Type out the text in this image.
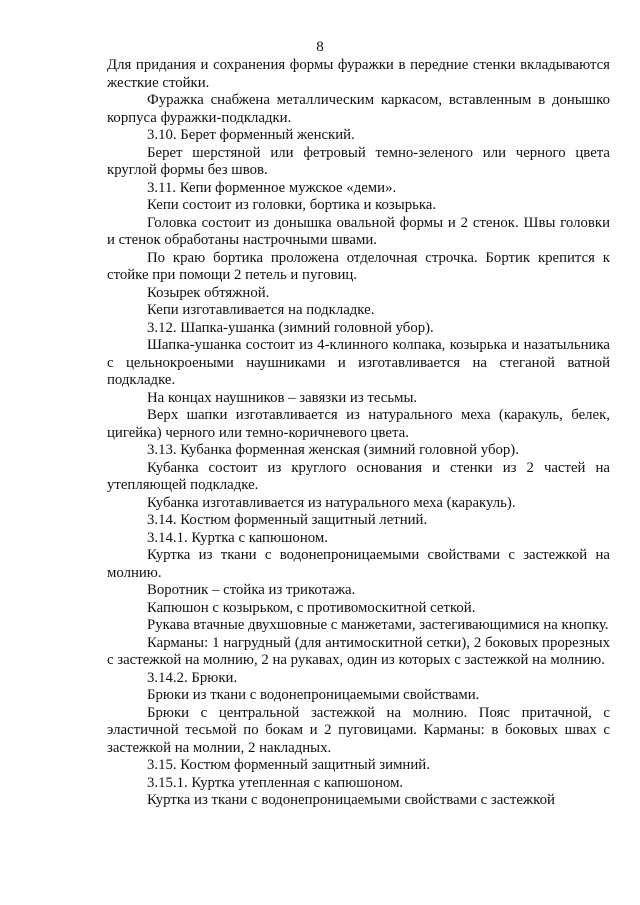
8

Для придания и сохранения формы фуражки в передние стенки вкладываются жесткие стойки.

Фуражка снабжена металлическим каркасом, вставленным в донышко корпуса фуражки-подкладки.

3.10. Берет форменный женский.

Берет шерстяной или фетровый темно-зеленого или черного цвета круглой формы без швов.

3.11. Кепи форменное мужское «деми».

Кепи состоит из головки, бортика и козырька.

Головка состоит из донышка овальной формы и 2 стенок. Швы головки и стенок обработаны настрочными швами.

По краю бортика проложена отделочная строчка. Бортик крепится к стойке при помощи 2 петель и пуговиц.

Козырек обтяжной.

Кепи изготавливается на подкладке.

3.12. Шапка-ушанка (зимний головной убор).

Шапка-ушанка состоит из 4-клинного колпака, козырька и назатыльника с цельнокроеными наушниками и изготавливается на стеганой ватной подкладке.

На концах наушников – завязки из тесьмы.

Верх шапки изготавливается из натурального меха (каракуль, белек, цигейка) черного или темно-коричневого цвета.

3.13. Кубанка форменная женская (зимний головной убор).

Кубанка состоит из круглого основания и стенки из 2 частей на утепляющей подкладке.

Кубанка изготавливается из натурального меха (каракуль).

3.14. Костюм форменный защитный летний.

3.14.1. Куртка с капюшоном.

Куртка из ткани с водонепроницаемыми свойствами с застежкой на молнию.

Воротник – стойка из трикотажа.

Капюшон с козырьком, с противомоскитной сеткой.

Рукава втачные двухшовные с манжетами, застегивающимися на кнопку.

Карманы: 1 нагрудный (для антимоскитной сетки), 2 боковых прорезных с застежкой на молнию, 2 на рукавах, один из которых с застежкой на молнию.

3.14.2. Брюки.

Брюки из ткани с водонепроницаемыми свойствами.

Брюки с центральной застежкой на молнию. Пояс притачной, с эластичной тесьмой по бокам и 2 пуговицами. Карманы: в боковых швах с застежкой на молнии, 2 накладных.

3.15. Костюм форменный защитный зимний.

3.15.1. Куртка утепленная с капюшоном.

Куртка из ткани с водонепроницаемыми свойствами с застежкой
